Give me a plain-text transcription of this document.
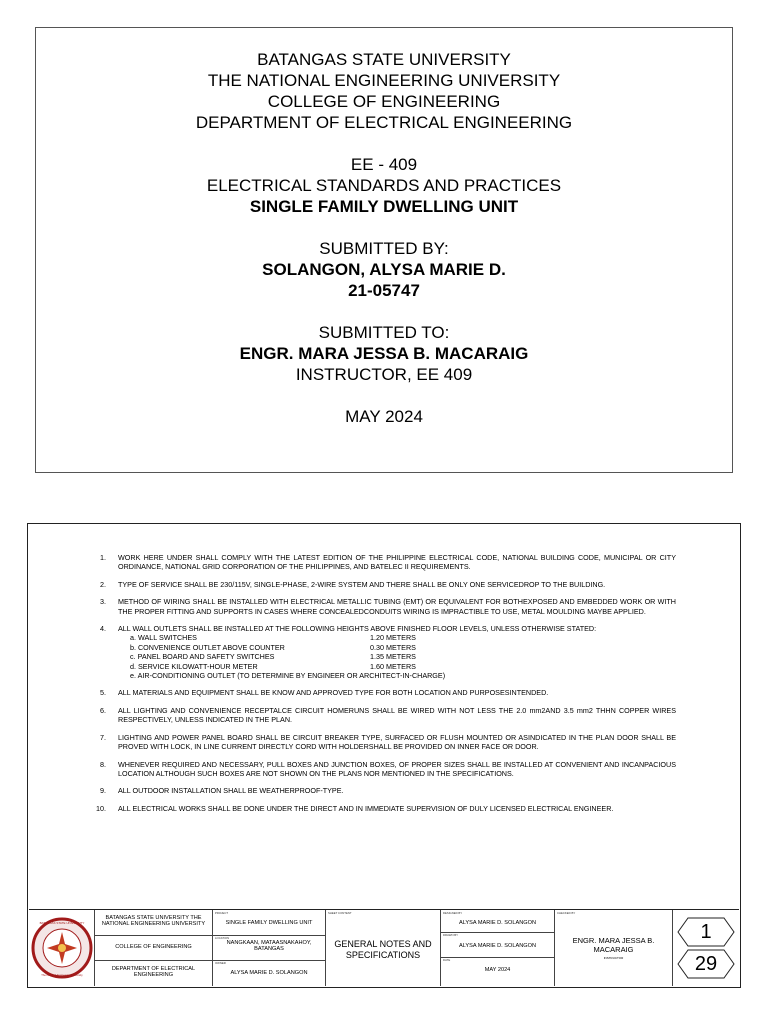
BATANGAS STATE UNIVERSITY
THE NATIONAL ENGINEERING UNIVERSITY
COLLEGE OF ENGINEERING
DEPARTMENT OF ELECTRICAL ENGINEERING
EE - 409
ELECTRICAL STANDARDS AND PRACTICES
SINGLE FAMILY DWELLING UNIT
SUBMITTED BY:
SOLANGON, ALYSA MARIE D.
21-05747
SUBMITTED TO:
ENGR. MARA JESSA B. MACARAIG
INSTRUCTOR, EE 409
MAY 2024
1.	WORK HERE UNDER SHALL COMPLY WITH THE LATEST EDITION OF THE PHILIPPINE ELECTRICAL CODE, NATIONAL BUILDING CODE, MUNICIPAL OR CITY ORDINANCE, NATIONAL GRID CORPORATION OF THE PHILIPPINES, AND BATELEC II REQUIREMENTS.
2.	TYPE OF SERVICE SHALL BE 230/115V, SINGLE-PHASE, 2-WIRE SYSTEM AND THERE SHALL BE ONLY ONE SERVICEDROP TO THE BUILDING.
3.	METHOD OF WIRING SHALL BE INSTALLED WITH ELECTRICAL METALLIC TUBING (EMT) OR EQUIVALENT FOR BOTHEXPOSED AND EMBEDDED WORK OR WITH THE PROPER FITTING AND SUPPORTS IN CASES WHERE CONCEALEDCONDUITS WIRING IS IMPRACTIBLE TO USE, METAL MOULDING MAYBE APPLIED.
4.	ALL WALL OUTLETS SHALL BE INSTALLED AT THE FOLLOWING HEIGHTS ABOVE FINISHED FLOOR LEVELS, UNLESS OTHERWISE STATED:
a. WALL SWITCHES	1.20 METERS
b. CONVENIENCE OUTLET ABOVE COUNTER	0.30 METERS
c. PANEL BOARD AND SAFETY SWITCHES	1.35 METERS
d. SERVICE KILOWATT-HOUR METER	1.60 METERS
e. AIR-CONDITIONING OUTLET (TO DETERMINE BY ENGINEER OR ARCHITECT-IN-CHARGE)
5.	ALL MATERIALS AND EQUIPMENT SHALL BE KNOW AND APPROVED TYPE FOR BOTH LOCATION AND PURPOSESINTENDED.
6.	ALL LIGHTING AND CONVENIENCE RECEPTALCE CIRCUIT HOMERUNS SHALL BE WIRED WITH NOT LESS THE 2.0 mm2AND 3.5 mm2 THHN COPPER WIRES RESPECTIVELY, UNLESS INDICATED IN THE PLAN.
7.	LIGHTING AND POWER PANEL BOARD SHALL BE CIRCUIT BREAKER TYPE, SURFACED OR FLUSH MOUNTED OR ASINDICATED IN THE PLAN DOOR SHALL BE PROVED WITH LOCK, IN LINE CURRENT DIRECTLY CORD WITH HOLDERSHALL BE PROVIDED ON INNER FACE OR DOOR.
8.	WHENEVER REQUIRED AND NECESSARY, PULL BOXES AND JUNCTION BOXES, OF PROPER SIZES SHALL BE INSTALLED AT CONVENIENT AND INCANPACIOUS LOCATION ALTHOUGH SUCH BOXES ARE NOT SHOWN ON THE PLANS NOR MENTIONED IN THE SPECIFICATIONS.
9.	ALL OUTDOOR INSTALLATION SHALL BE WEATHERPROOF-TYPE.
10.	ALL ELECTRICAL WORKS SHALL BE DONE UNDER THE DIRECT AND IN IMMEDIATE SUPERVISION OF DULY LICENSED ELECTRICAL ENGINEER.
BATANGAS STATE UNIVERSITY
The National Engineering University
BATANGAS STATE UNIVERSITY THE NATIONAL ENGINEERING UNIVERSITY
COLLEGE OF ENGINEERING
DEPARTMENT OF ELECTRICAL ENGINEERING
PROJECT
SINGLE FAMILY DWELLING UNIT
LOCATION
NANGKAAN, MATAASNAKAHOY, BATANGAS
OWNER
ALYSA MARIE D. SOLANGON
SHEET CONTENT
GENERAL NOTES AND SPECIFICATIONS
DESIGNED BY
ALYSA MARIE D. SOLANGON
DRAWN BY
ALYSA MARIE D. SOLANGON
DATE
MAY 2024
CHECKED BY
ENGR. MARA JESSA B. MACARAIG
INSTRUCTOR
1
29
